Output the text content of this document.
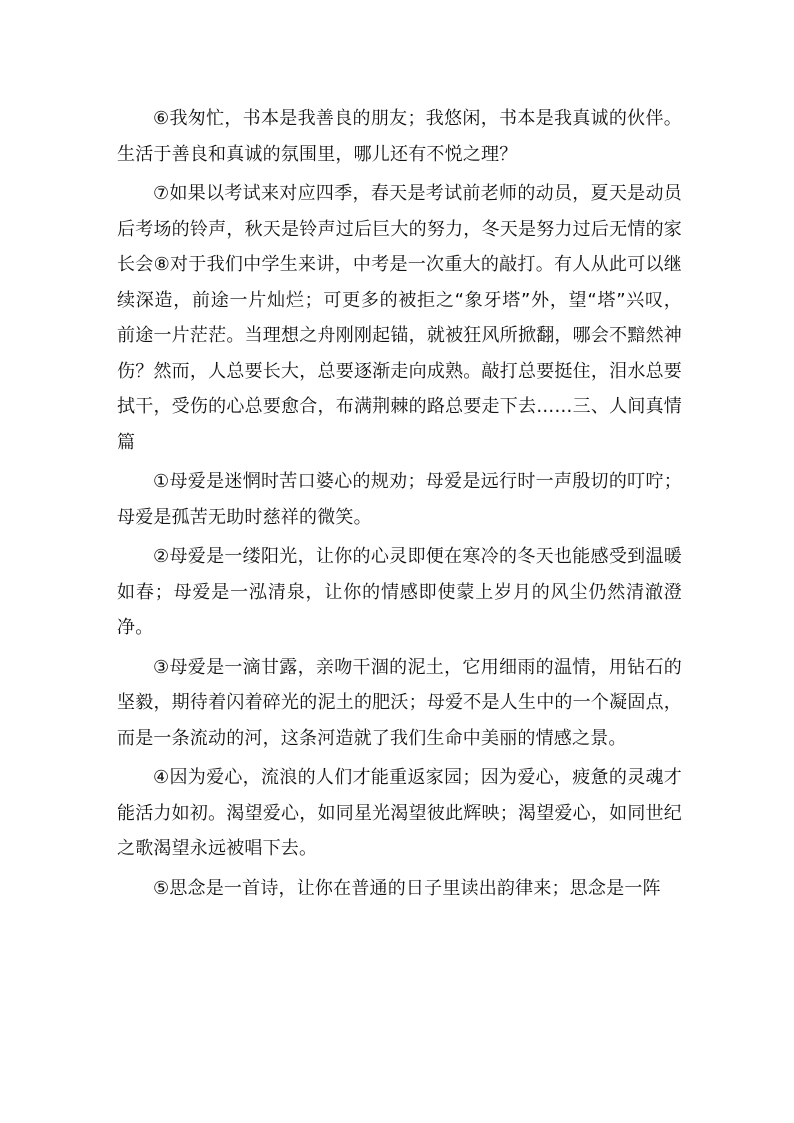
⑥我匆忙，书本是我善良的朋友；我悠闲，书本是我真诚的伙伴。生活于善良和真诚的氛围里，哪儿还有不悦之理？

⑦如果以考试来对应四季，春天是考试前老师的动员，夏天是动员后考场的铃声，秋天是铃声过后巨大的努力，冬天是努力过后无情的家长会⑧对于我们中学生来讲，中考是一次重大的敲打。有人从此可以继续深造，前途一片灿烂；可更多的被拒之“象牙塔”外，望“塔”兴叹，前途一片茫茫。当理想之舟刚刚起锚，就被狂风所掀翻，哪会不黯然神伤？然而，人总要长大，总要逐渐走向成熟。敲打总要挺住，泪水总要拭干，受伤的心总要愈合，布满荆棘的路总要走下去……三、人间真情篇

①母爱是迷惘时苦口婆心的规劝；母爱是远行时一声殷切的叮咛；母爱是孤苦无助时慈祥的微笑。

②母爱是一缕阳光，让你的心灵即便在寒冷的冬天也能感受到温暖如春；母爱是一泓清泉，让你的情感即使蒙上岁月的风尘仍然清澈澄净。

③母爱是一滴甘露，亲吻干涸的泥土，它用细雨的温情，用钻石的坚毅，期待着闪着碎光的泥土的肥沃；母爱不是人生中的一个凝固点，而是一条流动的河，这条河造就了我们生命中美丽的情感之景。

④因为爱心，流浪的人们才能重返家园；因为爱心，疲惫的灵魂才能活力如初。渴望爱心，如同星光渴望彼此辉映；渴望爱心，如同世纪之歌渴望永远被唱下去。

⑤思念是一首诗，让你在普通的日子里读出韵律来；思念是一阵
